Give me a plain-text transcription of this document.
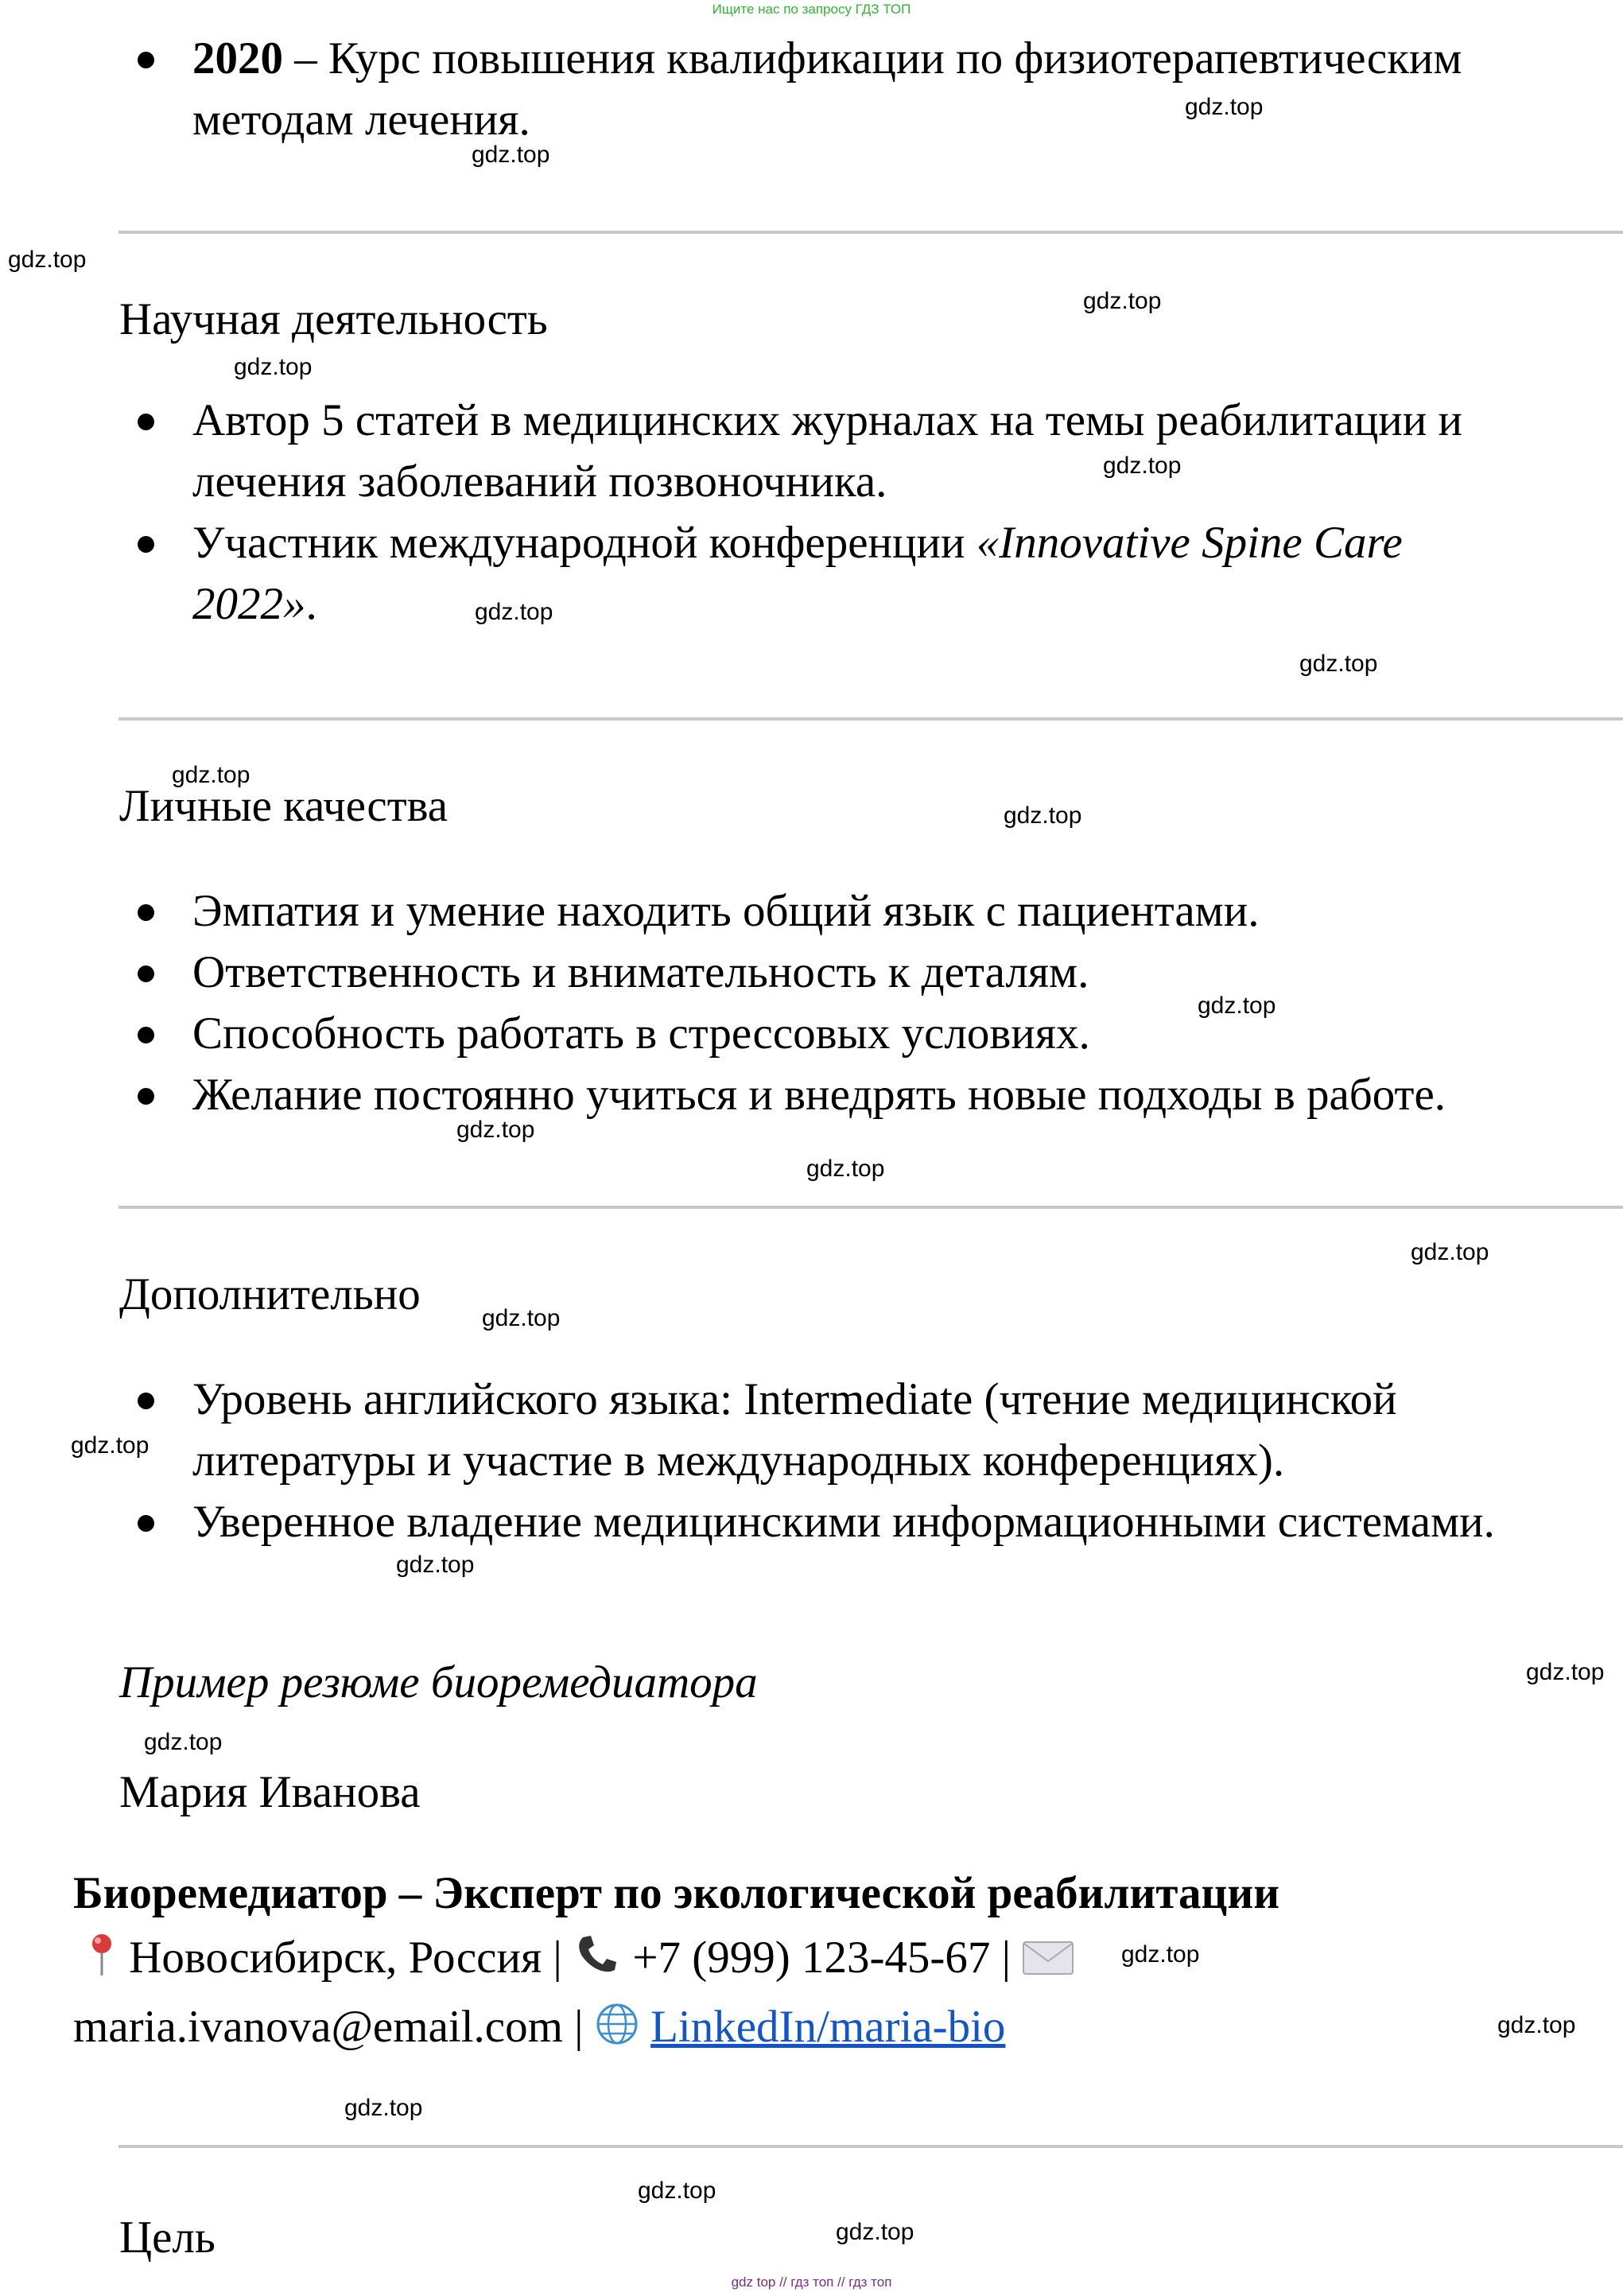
Ищите нас по запросу ГДЗ ТОП
2020 – Курс повышения квалификации по физиотерапевтическим
методам лечения.
Научная деятельность
Автор 5 статей в медицинских журналах на темы реабилитации и
лечения заболеваний позвоночника.
Участник международной конференции «Innovative Spine Care
2022».
Личные качества
Эмпатия и умение находить общий язык с пациентами.
Ответственность и внимательность к деталям.
Способность работать в стрессовых условиях.
Желание постоянно учиться и внедрять новые подходы в работе.
Дополнительно
Уровень английского языка: Intermediate (чтение медицинской
литературы и участие в международных конференциях).
Уверенное владение медицинскими информационными системами.
Пример резюме биоремедиатора
Мария Иванова
Биоремедиатор – Эксперт по экологической реабилитации
Новосибирск, Россия | +7 (999) 123-45-67 |
maria.ivanova@email.com | LinkedIn/maria-bio
Цель
gdz.top
gdz.top
gdz.top
gdz.top
gdz.top
gdz.top
gdz.top
gdz.top
gdz.top
gdz.top
gdz.top
gdz.top
gdz.top
gdz.top
gdz.top
gdz.top
gdz.top
gdz.top
gdz.top
gdz.top
gdz.top
gdz.top
gdz.top
gdz.top
gdz top // гдз топ // гдз топ
